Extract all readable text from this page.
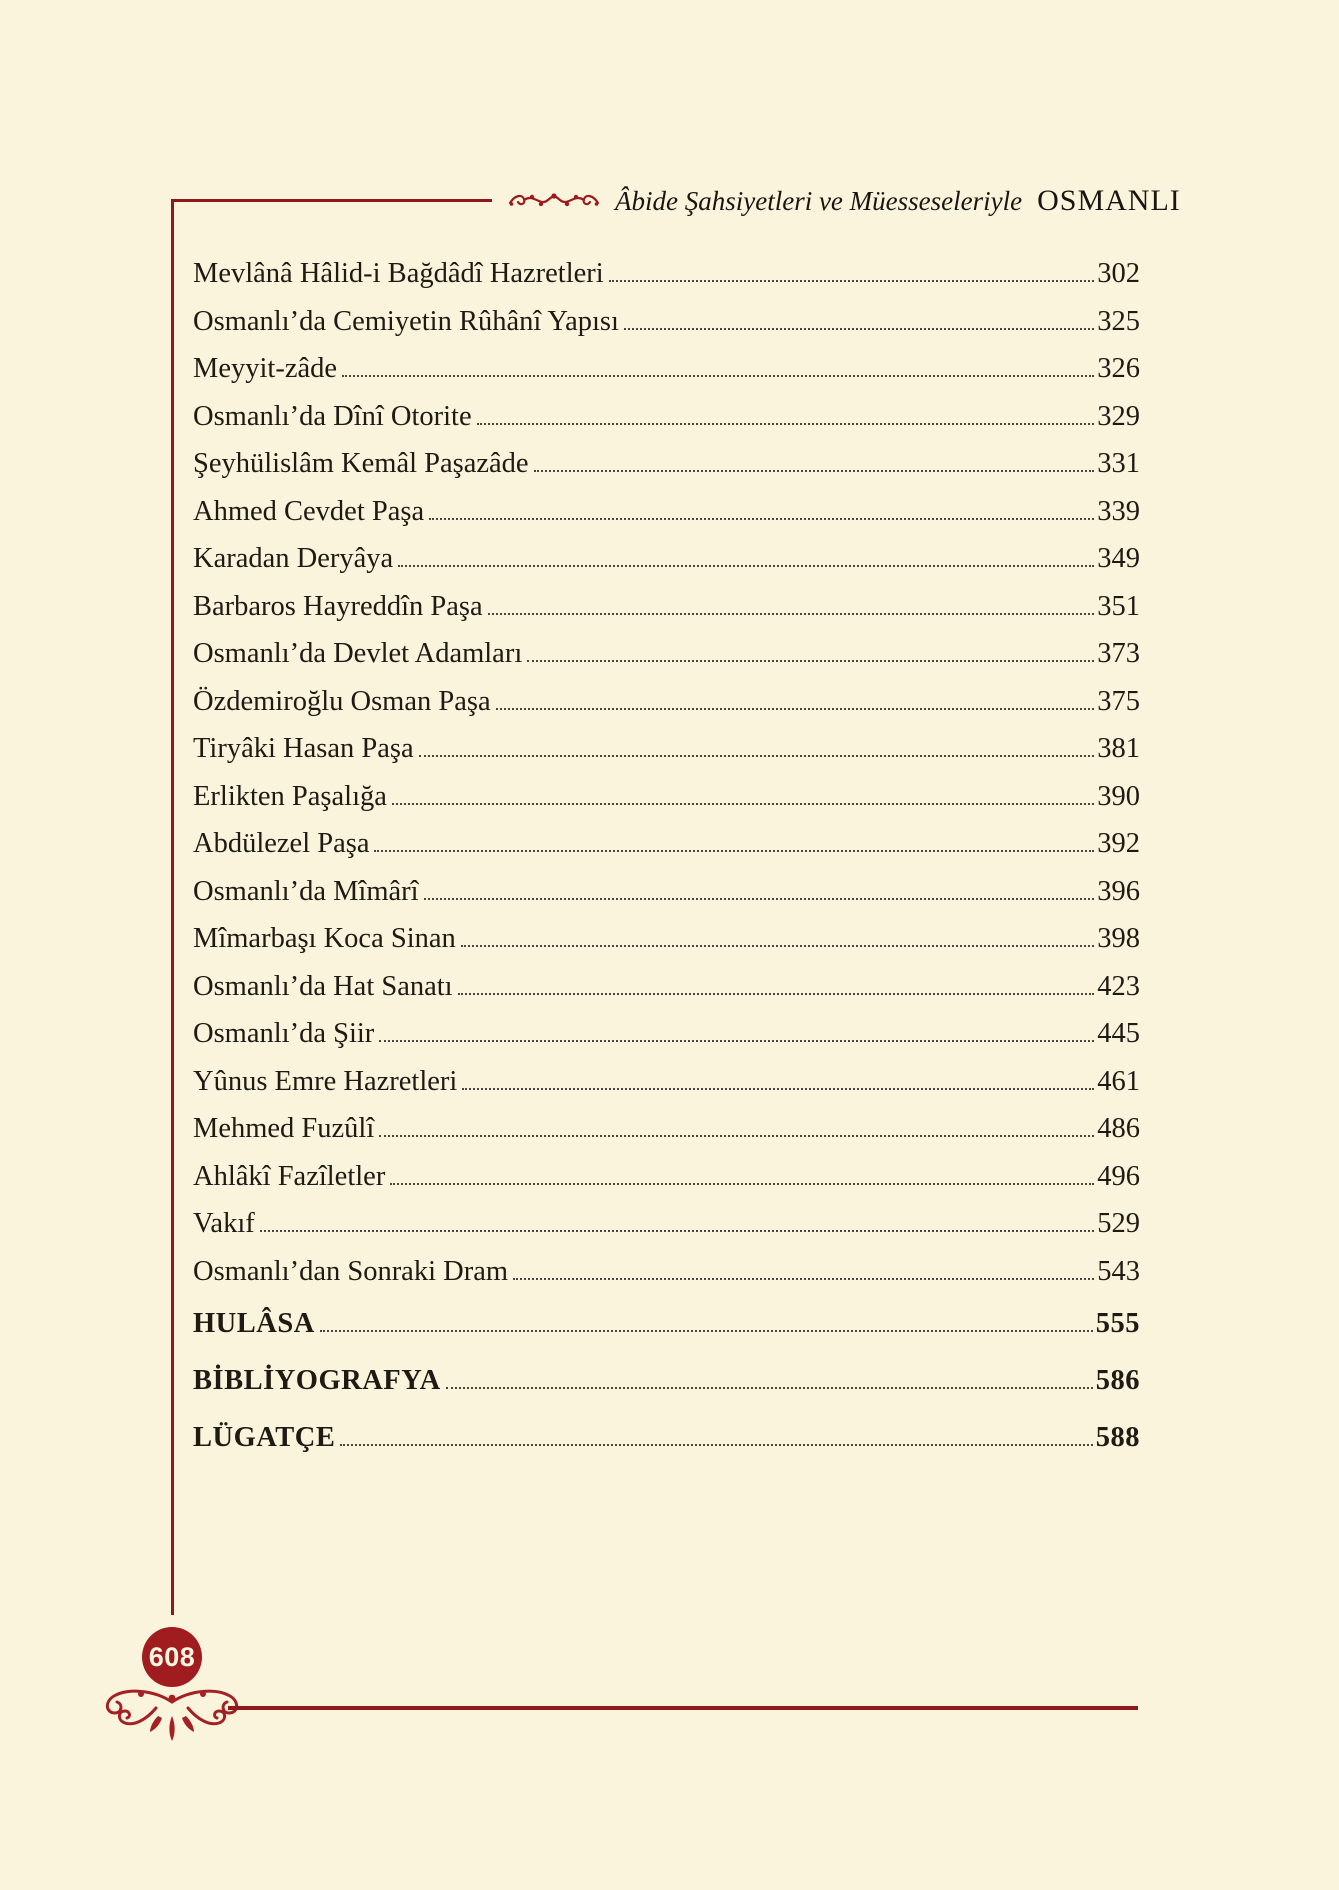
Âbide Şahsiyetleri ve Müesseseleriyle OSMANLI
Mevlânâ Hâlid-i Bağdâdî Hazretleri	302
Osmanlı’da Cemiyetin Rûhânî Yapısı	325
Meyyit-zâde	326
Osmanlı’da Dînî Otorite	329
Şeyhülislâm Kemâl Paşazâde	331
Ahmed Cevdet Paşa	339
Karadan Deryâya	349
Barbaros Hayreddîn Paşa	351
Osmanlı’da Devlet Adamları	373
Özdemiroğlu Osman Paşa	375
Tiryâki Hasan Paşa	381
Erlikten Paşalığa	390
Abdülezel Paşa	392
Osmanlı’da Mîmârî	396
Mîmarbaşı Koca Sinan	398
Osmanlı’da Hat Sanatı	423
Osmanlı’da Şiir	445
Yûnus Emre Hazretleri	461
Mehmed Fuzûlî	486
Ahlâkî Fazîletler	496
Vakıf	529
Osmanlı’dan Sonraki Dram	543
HULÂSA	555
BİBLİYOGRAFYA	586
LÜGATÇE	588
608
